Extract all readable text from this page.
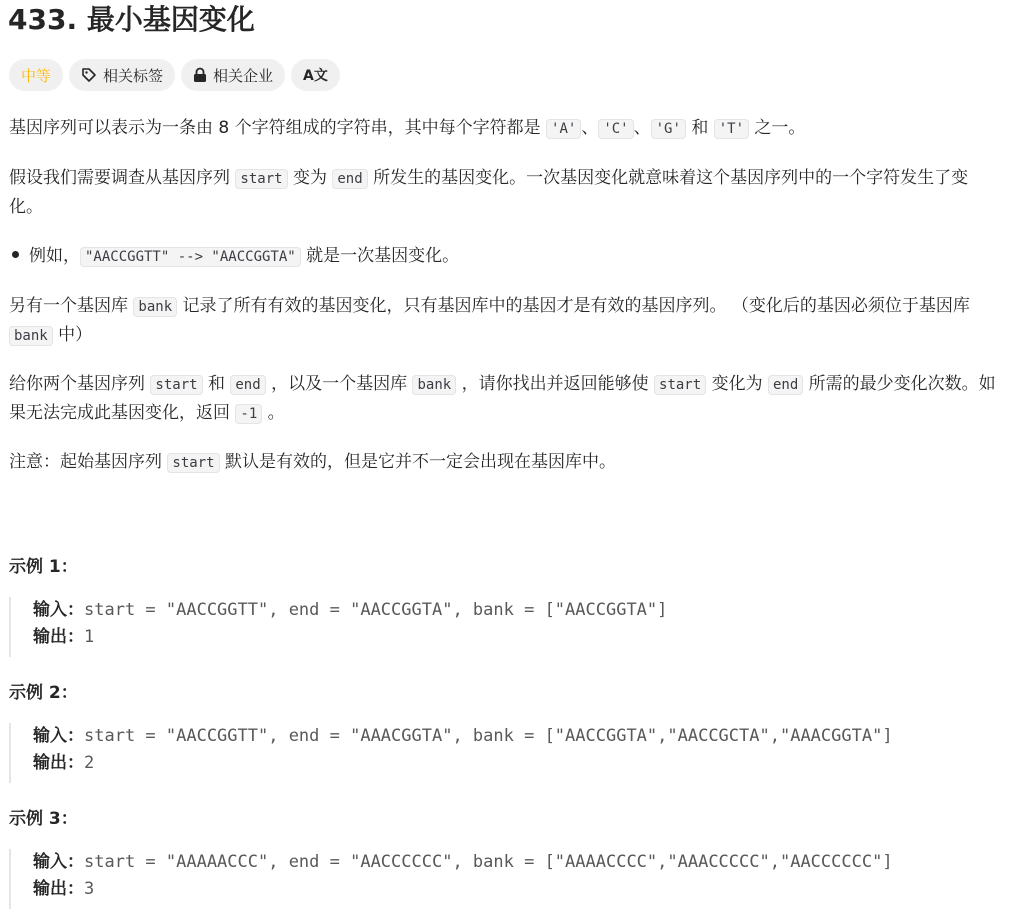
433. 最小基因变化
中等	相关标签	相关企业 A文
基因序列可以表示为一条由 8 个字符组成的字符串，其中每个字符都是 'A' 、 'C' 、 'G' 和 'T' 之一。
假设我们需要调查从基因序列 start 变为 end 所发生的基因变化。一次基因变化就意味着这个基因序列中的一个字符发生了变化。
例如， "AACCGGTT" --> "AACCGGTA" 就是一次基因变化。
另有一个基因库 bank 记录了所有有效的基因变化，只有基因库中的基因才是有效的基因序列。 （变化后的基因必须位于基因库 bank 中）
给你两个基因序列 start 和 end ，以及一个基因库 bank ，请你找出并返回能够使 start 变化为 end 所需的最少变化次数。如果无法完成此基因变化，返回 -1 。
注意：起始基因序列 start 默认是有效的，但是它并不一定会出现在基因库中。
示例 1：
输入：start = "AACCGGTT", end = "AACCGGTA", bank = ["AACCGGTA"]
输出：1
示例 2：
输入：start = "AACCGGTT", end = "AAACGGTA", bank = ["AACCGGTA","AACCGCTA","AAACGGTA"]
输出：2
示例 3：
输入：start = "AAAAACCC", end = "AACCCCCC", bank = ["AAAACCCC","AAACCCCC","AACCCCCC"]
输出：3
